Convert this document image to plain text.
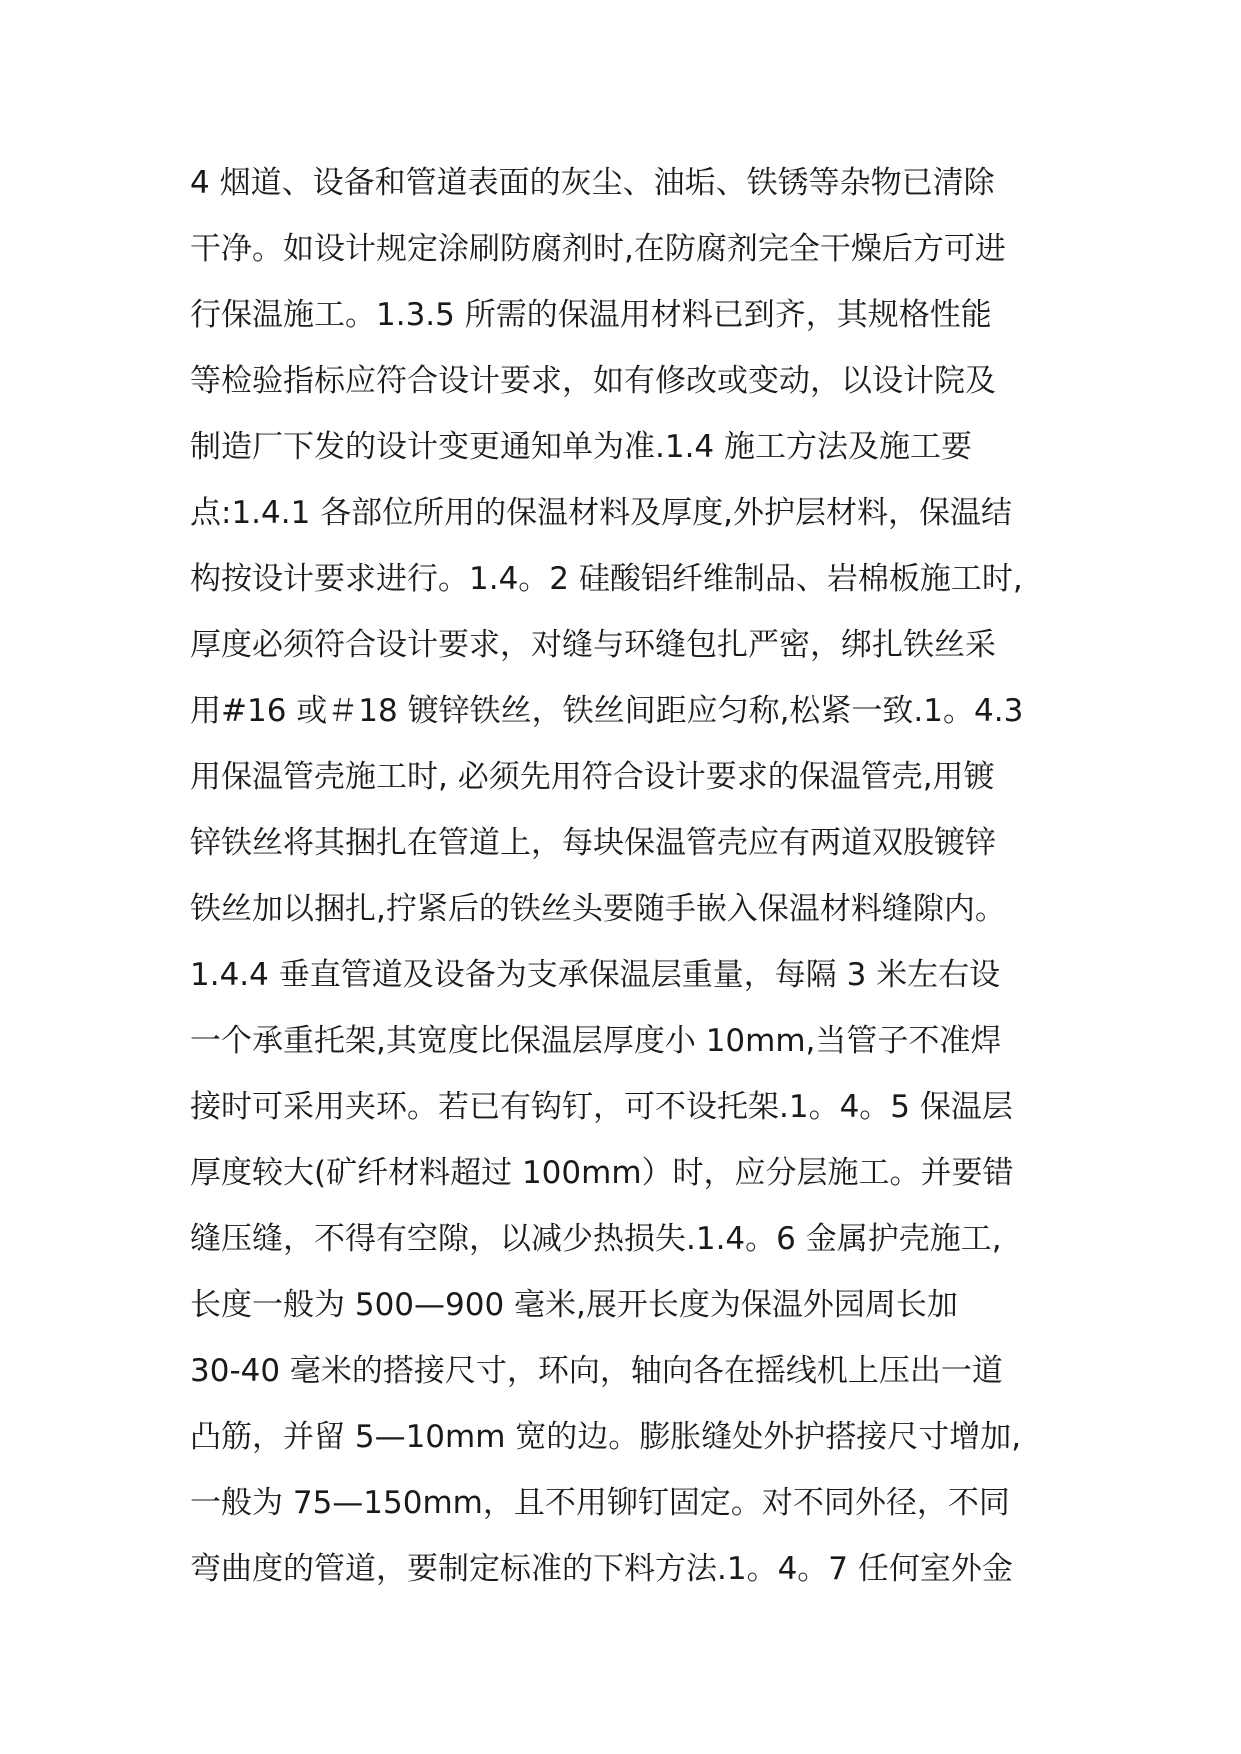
4 烟道、设备和管道表面的灰尘、油垢、铁锈等杂物已清除
干净。如设计规定涂刷防腐剂时,在防腐剂完全干燥后方可进
行保温施工。1.3.5 所需的保温用材料已到齐，其规格性能
等检验指标应符合设计要求，如有修改或变动，以设计院及
制造厂下发的设计变更通知单为准.1.4 施工方法及施工要
点:1.4.1 各部位所用的保温材料及厚度,外护层材料，保温结
构按设计要求进行。1.4。2 硅酸铝纤维制品、岩棉板施工时,
厚度必须符合设计要求，对缝与环缝包扎严密，绑扎铁丝采
用#16 或＃18 镀锌铁丝，铁丝间距应匀称,松紧一致.1。4.3
用保温管壳施工时, 必须先用符合设计要求的保温管壳,用镀
锌铁丝将其捆扎在管道上，每块保温管壳应有两道双股镀锌
铁丝加以捆扎,拧紧后的铁丝头要随手嵌入保温材料缝隙内。
1.4.4 垂直管道及设备为支承保温层重量，每隔 3 米左右设
一个承重托架,其宽度比保温层厚度小 10mm,当管子不准焊
接时可采用夹环。若已有钩钉，可不设托架.1。4。5 保温层
厚度较大(矿纤材料超过 100mm）时，应分层施工。并要错
缝压缝，不得有空隙，以减少热损失.1.4。6 金属护壳施工,
长度一般为 500—900 毫米,展开长度为保温外园周长加
30-40 毫米的搭接尺寸，环向，轴向各在摇线机上压出一道
凸筋，并留 5—10mm 宽的边。膨胀缝处外护搭接尺寸增加,
一般为 75—150mm，且不用铆钉固定。对不同外径，不同
弯曲度的管道，要制定标准的下料方法.1。4。7 任何室外金
